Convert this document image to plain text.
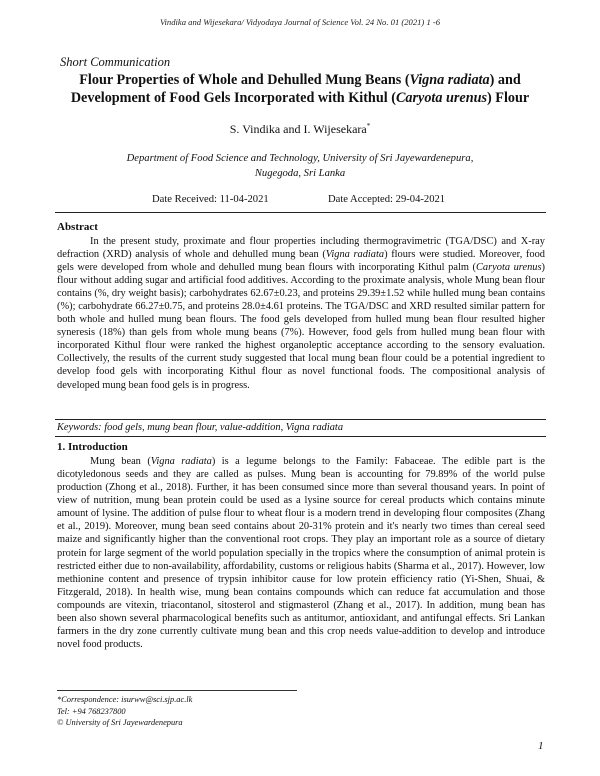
Vindika and Wijesekara/ Vidyodaya Journal of Science Vol. 24 No. 01 (2021) 1 -6
Short Communication
Flour Properties of Whole and Dehulled Mung Beans (Vigna radiata) and
Development of Food Gels Incorporated with Kithul (Caryota urenus) Flour
S. Vindika and I. Wijesekara*
Department of Food Science and Technology, University of Sri Jayewardenepura,
Nugegoda, Sri Lanka
Date Received: 11-04-2021	Date Accepted: 29-04-2021
Abstract

In the present study, proximate and flour properties including thermogravimetric (TGA/DSC) and X-ray defraction (XRD) analysis of whole and dehulled mung bean (Vigna radiata) flours were studied. Moreover, food gels were developed from whole and dehulled mung bean flours with incorporating Kithul palm (Caryota urenus) flour without adding sugar and artificial food additives. According to the proximate analysis, whole Mung bean flour contains (%, dry weight basis); carbohydrates 62.67±0.23, and proteins 29.39±1.52 while hulled mung bean contains (%); carbohydrate 66.27±0.75, and proteins 28.0±4.61 proteins. The TGA/DSC and XRD resulted similar pattern for both whole and hulled mung bean flours. The food gels developed from hulled mung bean flour resulted higher syneresis (18%) than gels from whole mung beans (7%). However, food gels from hulled mung bean flour with incorporated Kithul flour were ranked the highest organoleptic acceptance according to the sensory evaluation. Collectively, the results of the current study suggested that local mung bean flour could be a potential ingredient to develop food gels with incorporating Kithul flour as novel functional foods. The compositional analysis of developed mung bean food gels is in progress.

Keywords: food gels, mung bean flour, value-addition, Vigna radiata
1. Introduction

Mung bean (Vigna radiata) is a legume belongs to the Family: Fabaceae. The edible part is the dicotyledonous seeds and they are called as pulses. Mung bean is accounting for 79.89% of the world pulse production (Zhong et al., 2018). Further, it has been consumed since more than several thousand years. In point of view of nutrition, mung bean protein could be used as a lysine source for cereal products which contains minute amount of lysine. The addition of pulse flour to wheat flour is a modern trend in developing flour composites (Zhang et al., 2019). Moreover, mung bean seed contains about 20-31% protein and it's nearly two times than cereal seed maize and significantly higher than the conventional root crops. They play an important role as a source of dietary protein for large segment of the world population specially in the tropics where the consumption of animal protein is restricted either due to non-availability, affordability, customs or religious habits (Sharma et al., 2017). However, low methionine content and presence of trypsin inhibitor cause for low protein efficiency ratio (Yi-Shen, Shuai, & Fitzgerald, 2018). In health wise, mung bean contains compounds which can reduce fat accumulation and those compounds are vitexin, triacontanol, sitosterol and stigmasterol (Zhang et al., 2017). In addition, mung bean has been also shown several pharmacological benefits such as antitumor, antioxidant, and antifungal effects. Sri Lankan farmers in the dry zone currently cultivate mung bean and this crop needs value-addition to develop and introduce novel food products.

*Correspondence: isurww@sci.sjp.ac.lk
Tel: +94 768237800
© University of Sri Jayewardenepura
1
